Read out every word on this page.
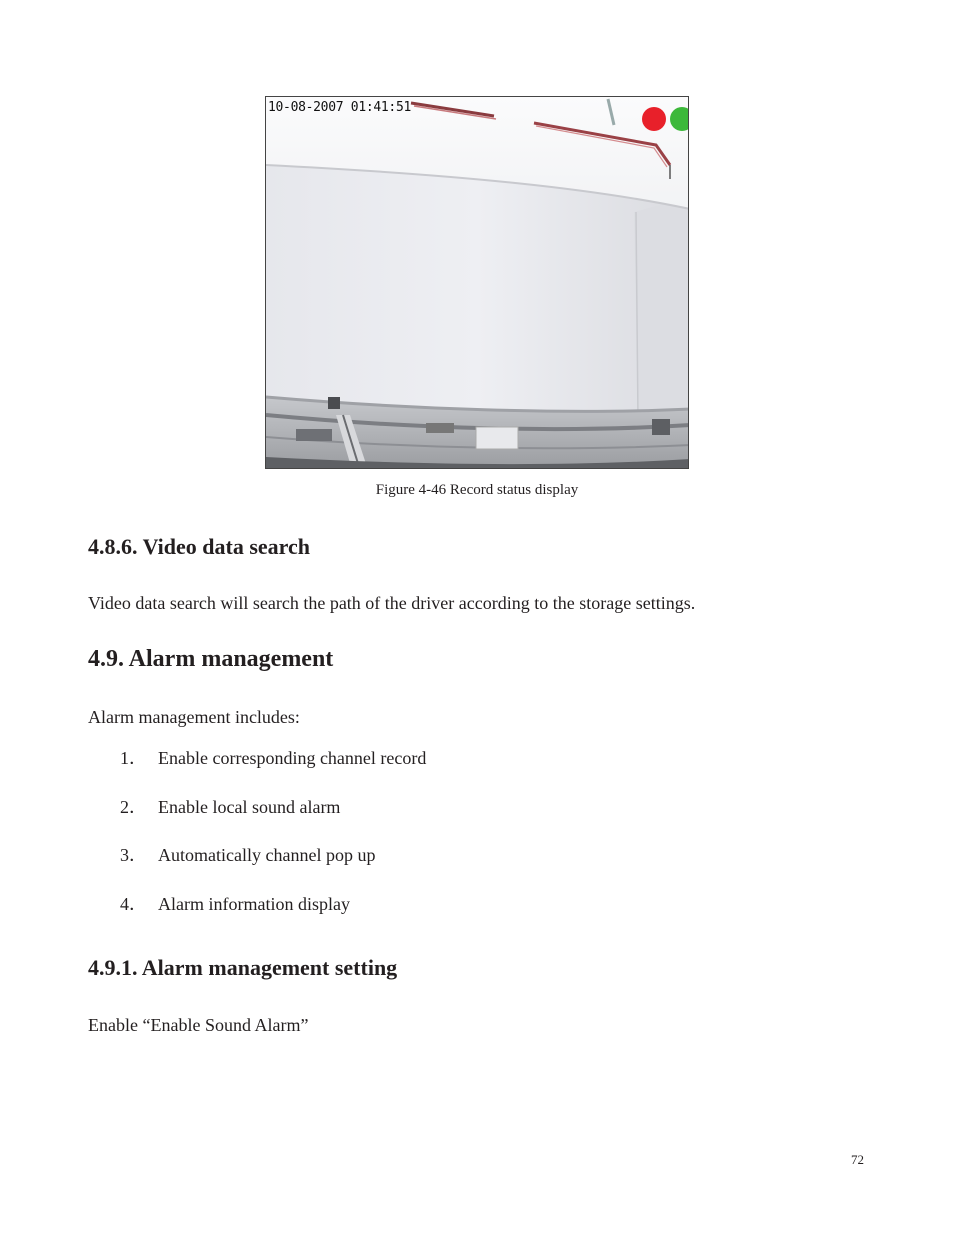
10-08-2007 01:41:51
Figure 4-46 Record status display
4.8.6. Video data search
Video data search will search the path of the driver according to the storage settings.
4.9. Alarm management
Alarm management includes:
1． Enable corresponding channel record
2． Enable local sound alarm
3． Automatically channel pop up
4． Alarm information display
4.9.1. Alarm management setting
Enable “Enable Sound Alarm”
72
